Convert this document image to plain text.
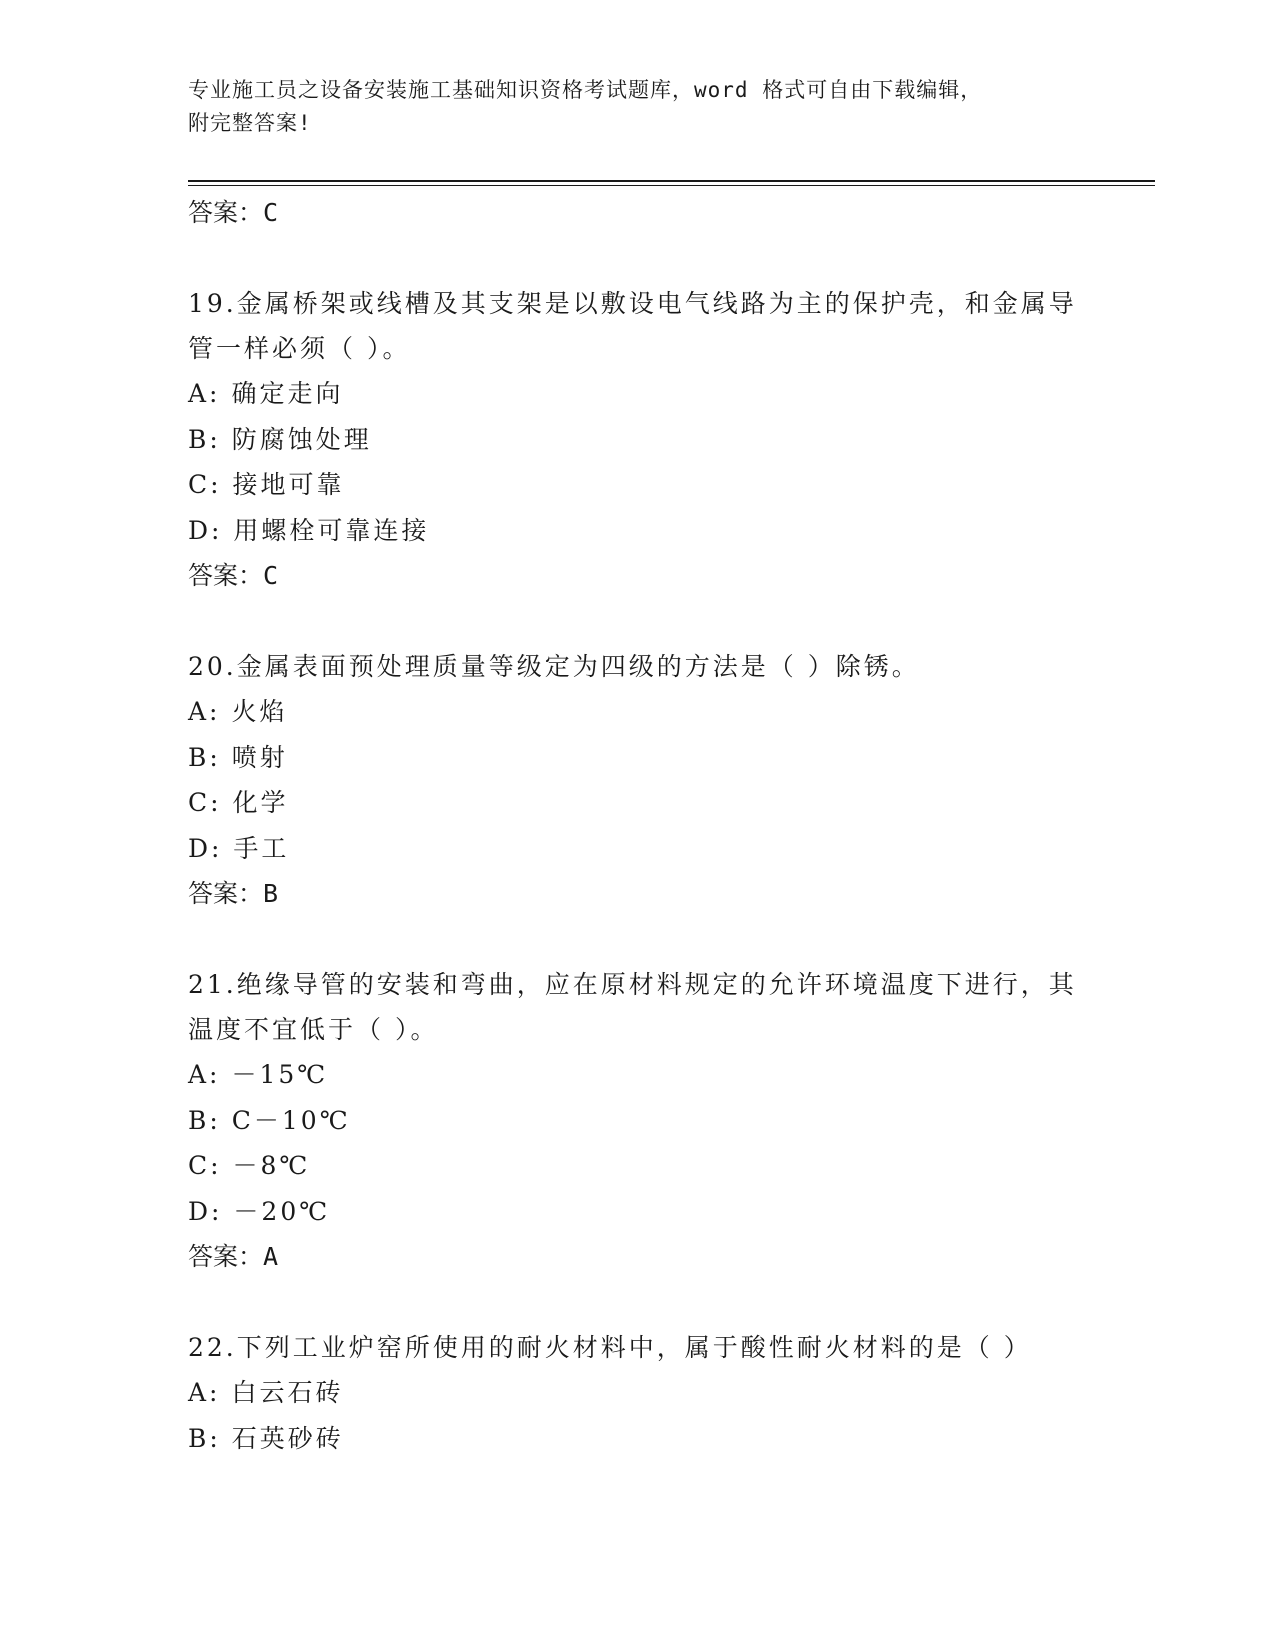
专业施工员之设备安装施工基础知识资格考试题库，word 格式可自由下载编辑，
附完整答案!
答案：C
19.金属桥架或线槽及其支架是以敷设电气线路为主的保护壳，和金属导管一样必须（ ）。
A: 确定走向
B: 防腐蚀处理
C: 接地可靠
D: 用螺栓可靠连接
答案：C
20.金属表面预处理质量等级定为四级的方法是（ ）除锈。
A: 火焰
B: 喷射
C: 化学
D: 手工
答案：B
21.绝缘导管的安装和弯曲，应在原材料规定的允许环境温度下进行，其温度不宜低于（ ）。
A: －15℃
B: C－10℃
C: －8℃
D: －20℃
答案：A
22.下列工业炉窑所使用的耐火材料中，属于酸性耐火材料的是（ ）
A: 白云石砖
B: 石英砂砖
